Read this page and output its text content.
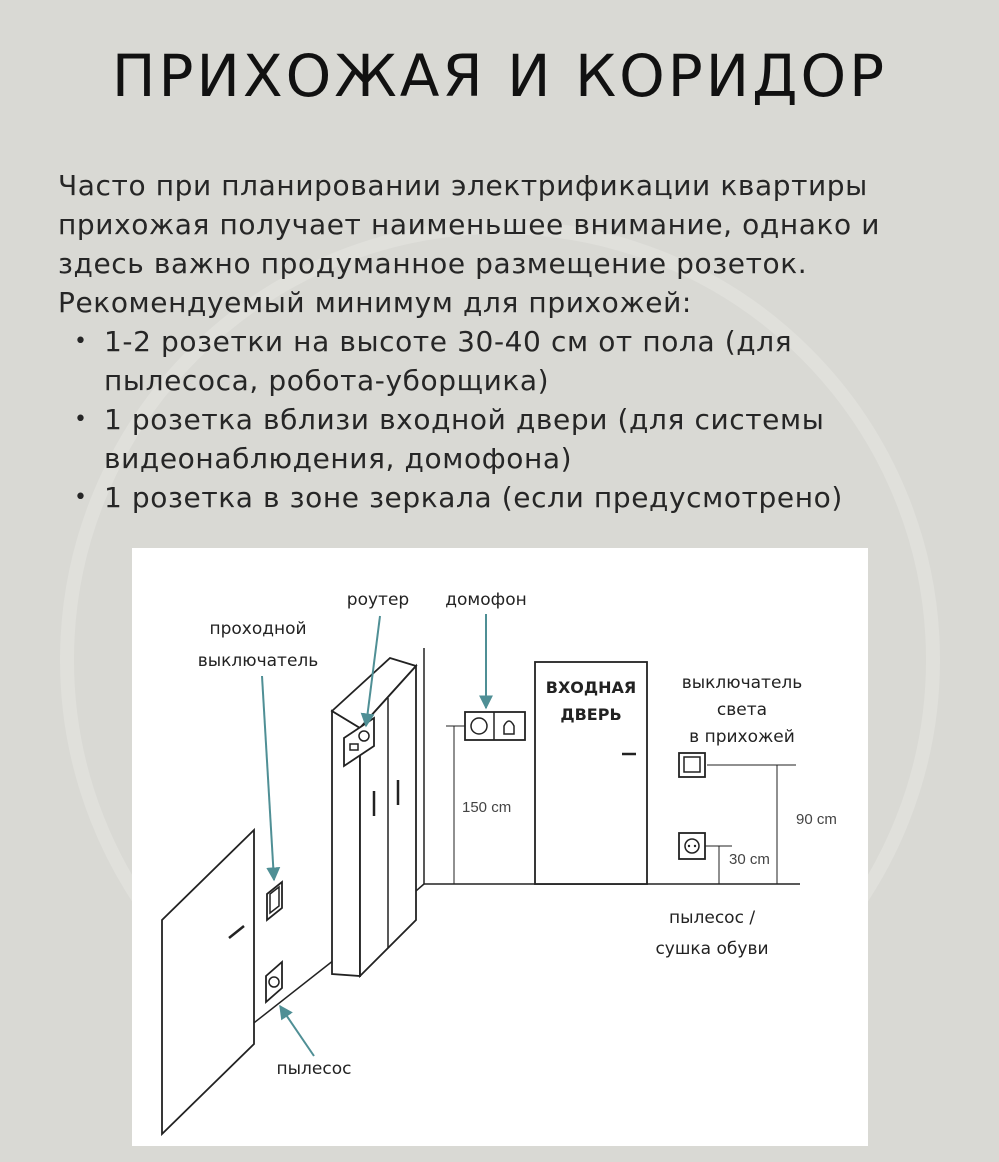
ПРИХОЖАЯ И КОРИДОР

Часто при планировании электрификации квартиры

прихожая получает наименьшее внимание, однако и

здесь важно продуманное размещение розеток.

Рекомендуемый минимум для прихожей:

• 1-2 розетки на высоте 30-40 см от пола (для
пылесоса, робота-уборщика)
• 1 розетка вблизи входной двери (для системы
видеонаблюдения, домофона)
• 1 розетка в зоне зеркала (если предусмотрено)
ВХОДНАЯ
ДВЕРЬ
150 cm
90 cm
30 cm
проходной
выключатель
роутер домофон
выключатель
света
в прихожей
пылесос /
сушка обуви
пылесос
